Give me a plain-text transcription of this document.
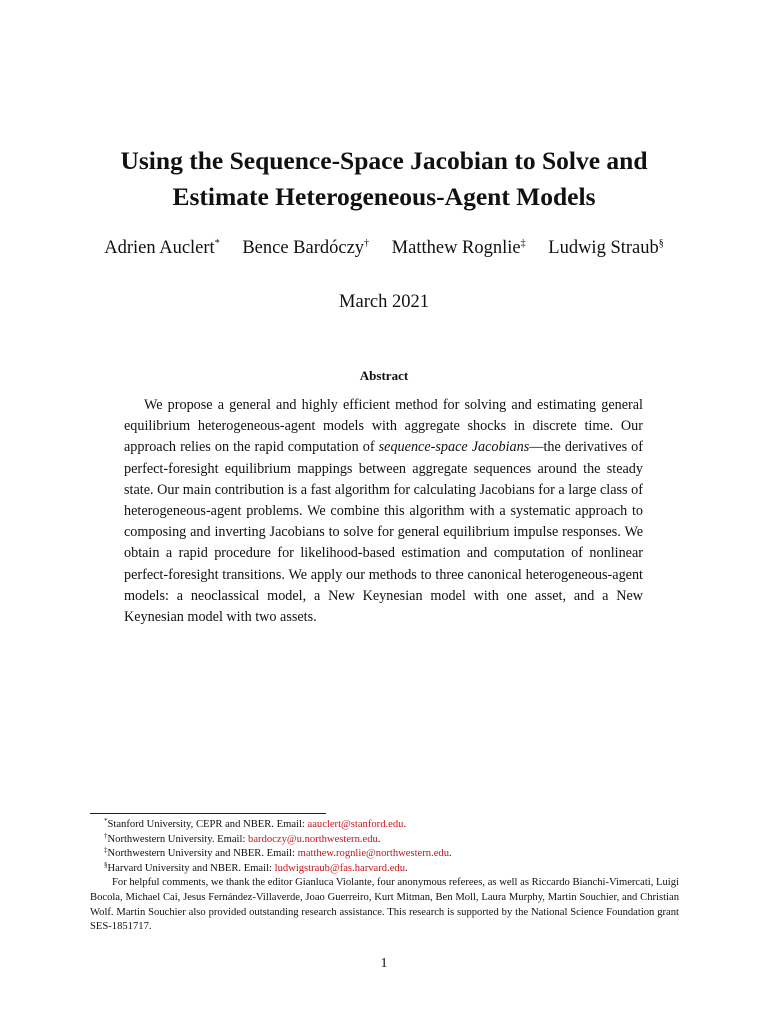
Using the Sequence-Space Jacobian to Solve and
Estimate Heterogeneous-Agent Models
Adrien Auclert* Bence Bardóczy† Matthew Rognlie‡ Ludwig Straub§
March 2021
Abstract

We propose a general and highly efficient method for solving and estimating general equilibrium heterogeneous-agent models with aggregate shocks in discrete time. Our approach relies on the rapid computation of sequence-space Jacobians—the derivatives of perfect-foresight equilibrium mappings between aggregate sequences around the steady state. Our main contribution is a fast algorithm for calculating Jacobians for a large class of heterogeneous-agent problems. We combine this algorithm with a systematic approach to composing and inverting Jacobians to solve for general equilibrium impulse responses. We obtain a rapid procedure for likelihood-based estimation and computation of nonlinear perfect-foresight transitions. We apply our methods to three canonical heterogeneous-agent models: a neoclassical model, a New Keynesian model with one asset, and a New Keynesian model with two assets.

*Stanford University, CEPR and NBER. Email: aauclert@stanford.edu.
†Northwestern University. Email: bardoczy@u.northwestern.edu.
‡Northwestern University and NBER. Email: matthew.rognlie@northwestern.edu.
§Harvard University and NBER. Email: ludwigstraub@fas.harvard.edu.
For helpful comments, we thank the editor Gianluca Violante, four anonymous referees, as well as Riccardo Bianchi-Vimercati, Luigi Bocola, Michael Cai, Jesus Fernández-Villaverde, Joao Guerreiro, Kurt Mitman, Ben Moll, Laura Murphy, Martin Souchier, and Christian Wolf. Martin Souchier also provided outstanding research assistance. This research is supported by the National Science Foundation grant SES-1851717.
1
